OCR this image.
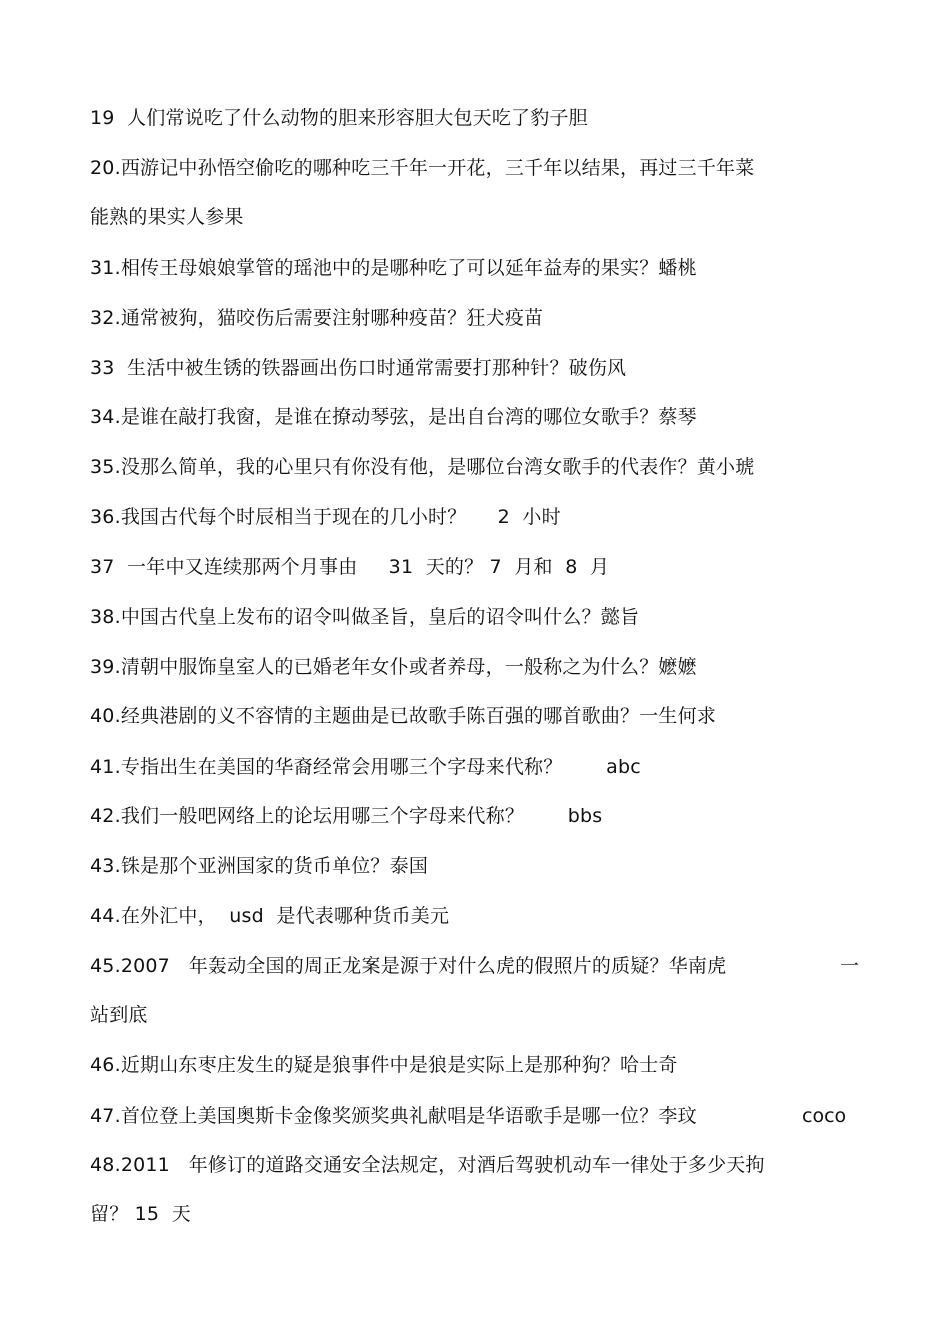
19  人们常说吃了什么动物的胆来形容胆大包天吃了豹子胆
20.西游记中孙悟空偷吃的哪种吃三千年一开花，三千年以结果，再过三千年菜
能熟的果实人参果
31.相传王母娘娘掌管的瑶池中的是哪种吃了可以延年益寿的果实？蟠桃
32.通常被狗，猫咬伤后需要注射哪种疫苗？狂犬疫苗
33  生活中被生锈的铁器画出伤口时通常需要打那种针？破伤风
34.是谁在敲打我窗，是谁在撩动琴弦，是出自台湾的哪位女歌手？蔡琴
35.没那么简单，我的心里只有你没有他，是哪位台湾女歌手的代表作？黄小琥
36.我国古代每个时辰相当于现在的几小时？     2  小时
37  一年中又连续那两个月事由     31  天的？ 7  月和  8  月
38.中国古代皇上发布的诏令叫做圣旨，皇后的诏令叫什么？懿旨
39.清朝中服饰皇室人的已婚老年女仆或者养母，一般称之为什么？嬷嬷
40.经典港剧的义不容情的主题曲是已故歌手陈百强的哪首歌曲？一生何求
41.专指出生在美国的华裔经常会用哪三个字母来代称？       abc
42.我们一般吧网络上的论坛用哪三个字母来代称？       bbs
43.铢是那个亚洲国家的货币单位？泰国
44.在外汇中，  usd  是代表哪种货币美元
45.2007   年轰动全国的周正龙案是源于对什么虎的假照片的质疑？华南虎	一
站到底
46.近期山东枣庄发生的疑是狼事件中是狼是实际上是那种狗？哈士奇
47.首位登上美国奥斯卡金像奖颁奖典礼献唱是华语歌手是哪一位？李玟	coco
48.2011   年修订的道路交通安全法规定，对酒后驾驶机动车一律处于多少天拘
留？ 15  天
